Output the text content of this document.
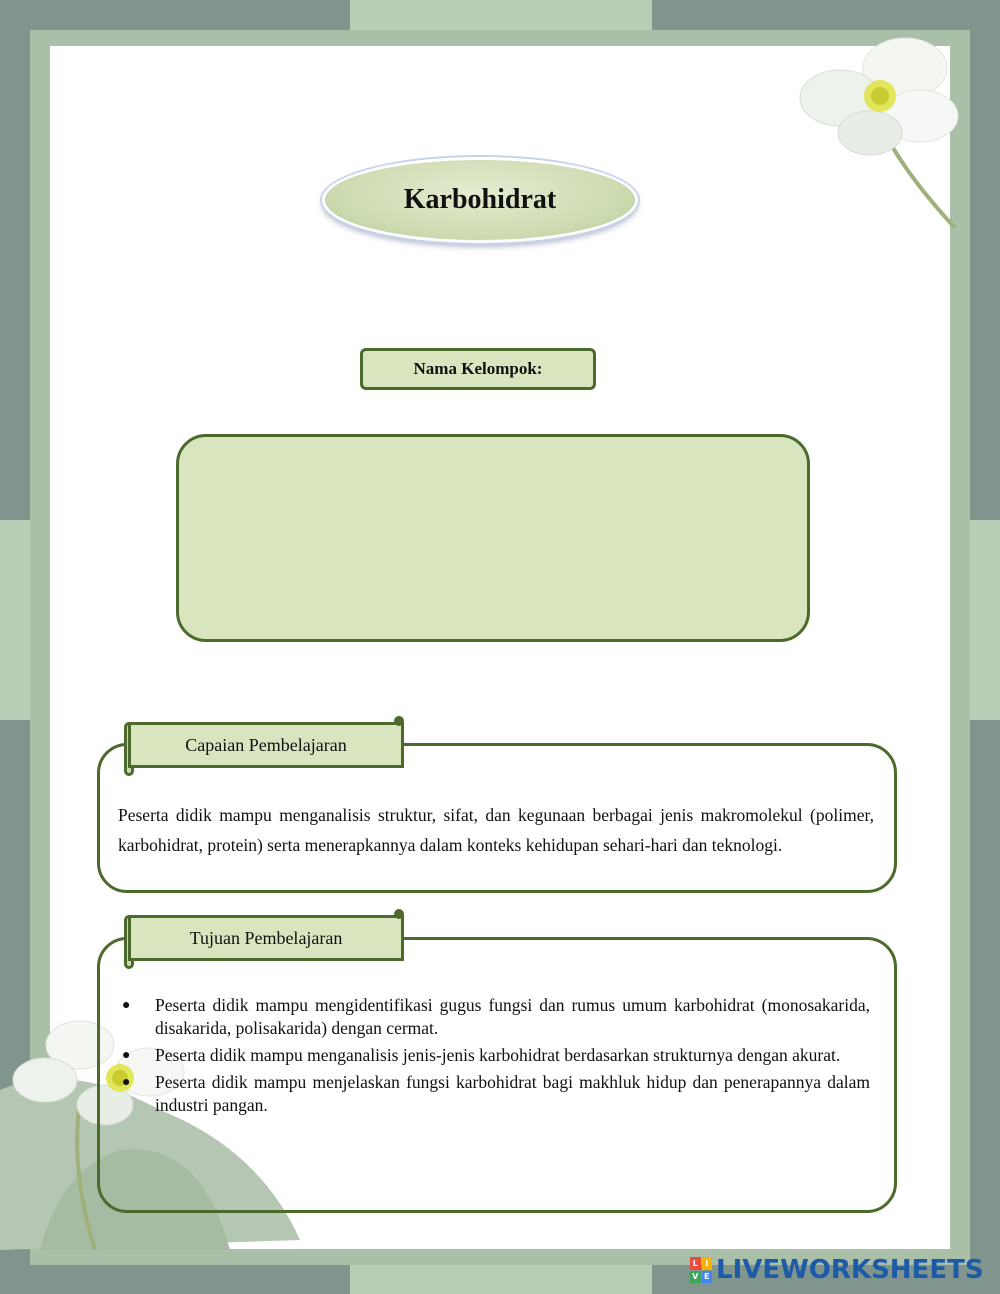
Karbohidrat
Nama Kelompok:
Capaian Pembelajaran
Peserta didik mampu menganalisis struktur, sifat, dan kegunaan berbagai jenis makromolekul (polimer, karbohidrat, protein) serta menerapkannya dalam konteks kehidupan sehari-hari dan teknologi.
Tujuan Pembelajaran
● Peserta didik mampu mengidentifikasi gugus fungsi dan rumus umum karbohidrat (monosakarida, disakarida, polisakarida) dengan cermat.
● Peserta didik mampu menganalisis jenis-jenis karbohidrat berdasarkan strukturnya dengan akurat.
● Peserta didik mampu menjelaskan fungsi karbohidrat bagi makhluk hidup dan penerapannya dalam industri pangan.
L I
V E LIVEWORKSHEETS
